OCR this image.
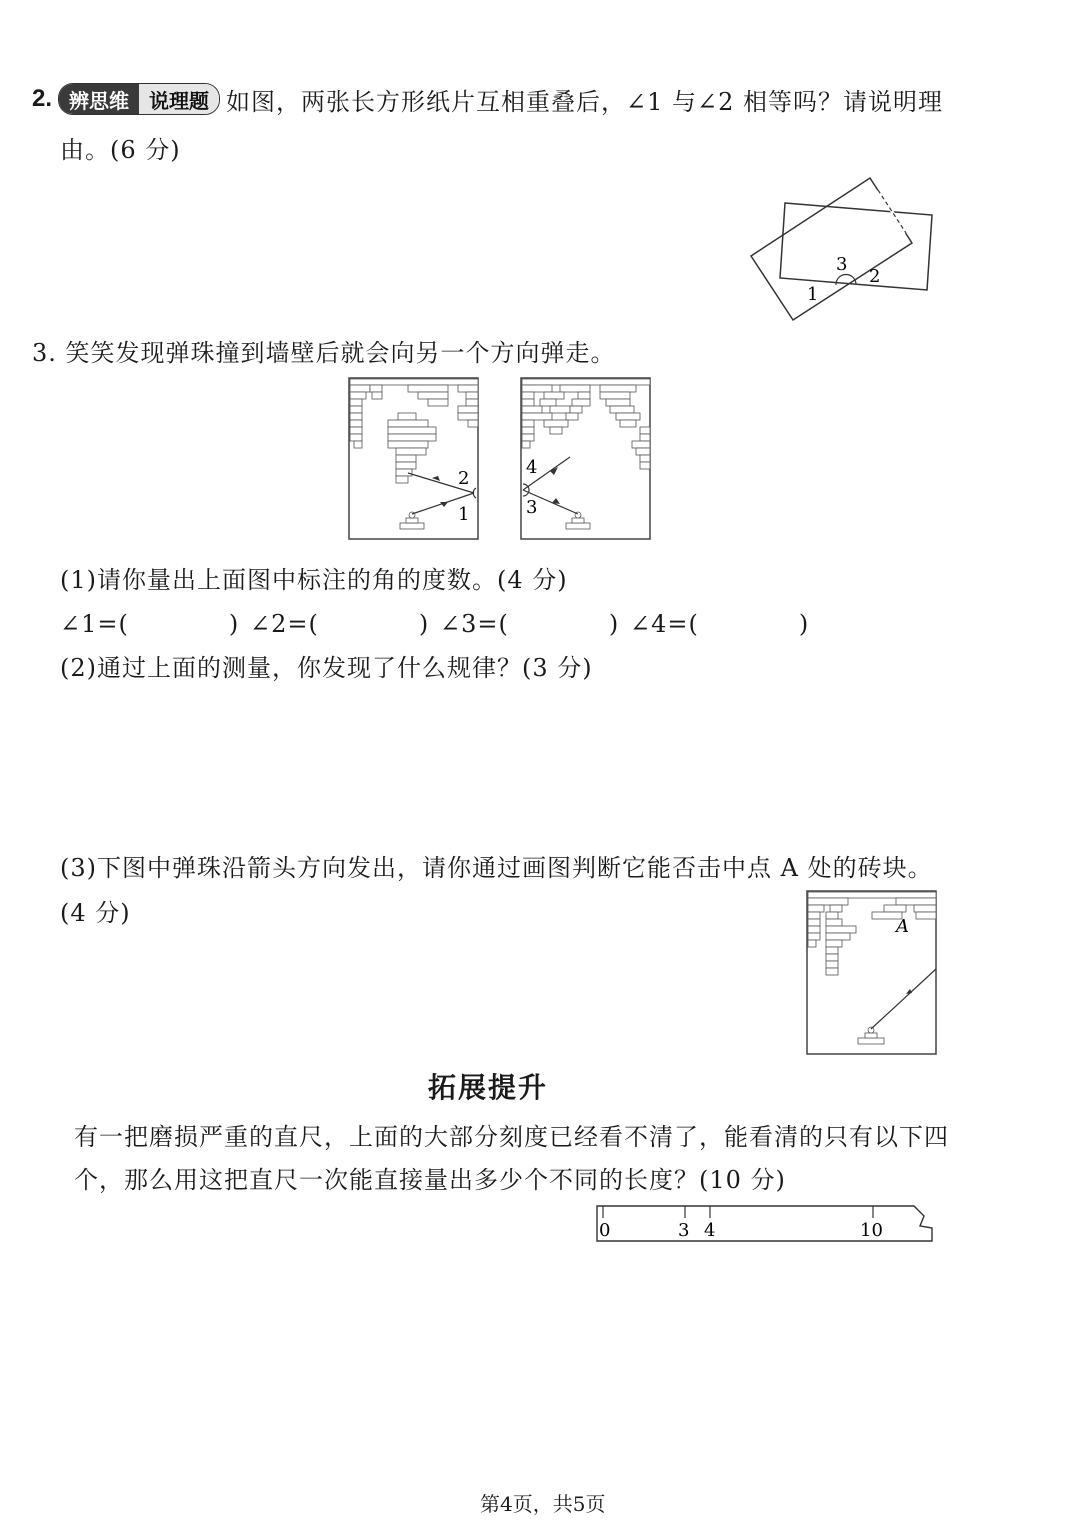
2. 辨思维	说理题 如图，两张长方形纸片互相重叠后，∠1 与∠2 相等吗？请说明理
由。(6 分)
1
2
3
3. 笑笑发现弹珠撞到墙壁后就会向另一个方向弹走。
2
1
4
3
(1)请你量出上面图中标注的角的度数。(4 分)
∠1=(　　　　) ∠2=(　　　　) ∠3=(　　　　) ∠4=(　　　　)
(2)通过上面的测量，你发现了什么规律？(3 分)
(3)下图中弹珠沿箭头方向发出，请你通过画图判断它能否击中点 A 处的砖块。
(4 分)	A
拓展提升
有一把磨损严重的直尺，上面的大部分刻度已经看不清了，能看清的只有以下四
个，那么用这把直尺一次能直接量出多少个不同的长度？(10 分)
0	3 4	10
第4页，共5页
